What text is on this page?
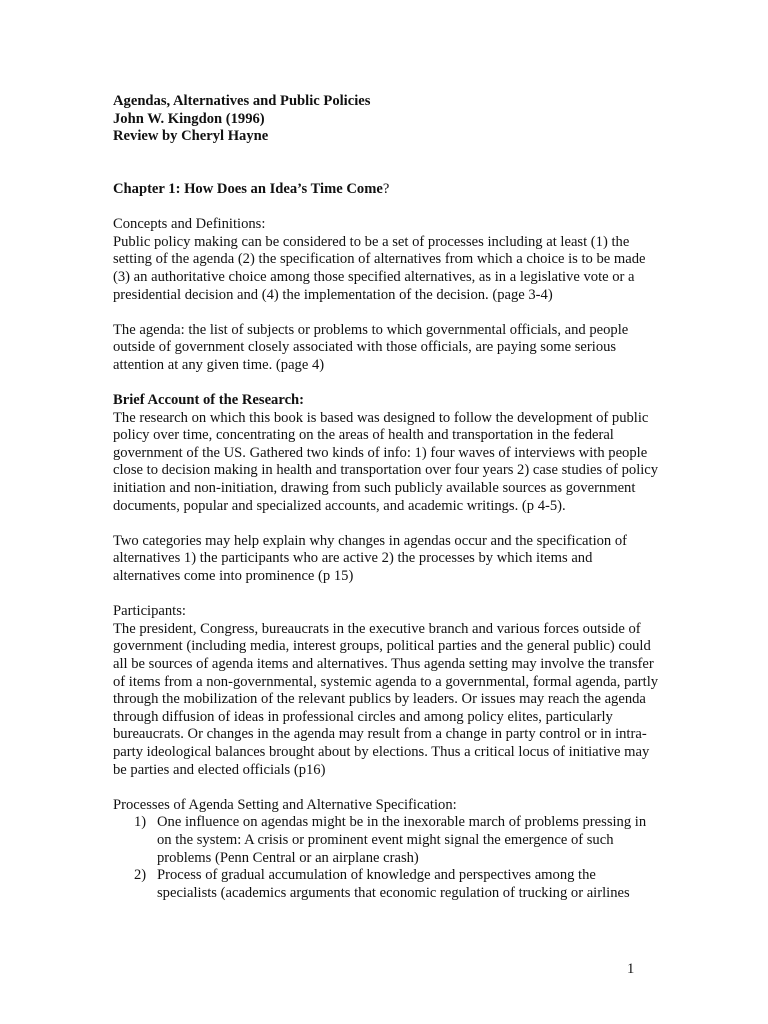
Agendas, Alternatives and Public Policies
John W. Kingdon (1996)
Review by Cheryl Hayne

Chapter 1: How Does an Idea’s Time Come?

Concepts and Definitions:

Public policy making can be considered to be a set of processes including at least (1) the setting of the agenda (2) the specification of alternatives from which a choice is to be made (3) an authoritative choice among those specified alternatives, as in a legislative vote or a presidential decision and (4) the implementation of the decision. (page 3-4)

The agenda: the list of subjects or problems to which governmental officials, and people outside of government closely associated with those officials, are paying some serious attention at any given time. (page 4)

Brief Account of the Research:

The research on which this book is based was designed to follow the development of public policy over time, concentrating on the areas of health and transportation in the federal government of the US. Gathered two kinds of info: 1) four waves of interviews with people close to decision making in health and transportation over four years 2) case studies of policy initiation and non-initiation, drawing from such publicly available sources as government documents, popular and specialized accounts, and academic writings. (p 4-5).

Two categories may help explain why changes in agendas occur and the specification of alternatives 1) the participants who are active 2) the processes by which items and alternatives come into prominence (p 15)

Participants:

The president, Congress, bureaucrats in the executive branch and various forces outside of government (including media, interest groups, political parties and the general public) could all be sources of agenda items and alternatives. Thus agenda setting may involve the transfer of items from a non-governmental, systemic agenda to a governmental, formal agenda, partly through the mobilization of the relevant publics by leaders. Or issues may reach the agenda through diffusion of ideas in professional circles and among policy elites, particularly bureaucrats. Or changes in the agenda may result from a change in party control or in intra-party ideological balances brought about by elections. Thus a critical locus of initiative may be parties and elected officials (p16)

Processes of Agenda Setting and Alternative Specification:
1) One influence on agendas might be in the inexorable march of problems pressing in on the system: A crisis or prominent event might signal the emergence of such problems (Penn Central or an airplane crash)
2) Process of gradual accumulation of knowledge and perspectives among the specialists (academics arguments that economic regulation of trucking or airlines
1
